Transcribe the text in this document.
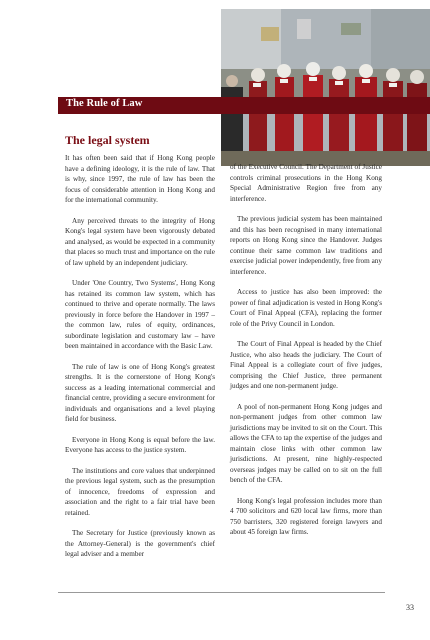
The Rule of Law
The legal system

It has often been said that if Hong Kong people have a defining ideology, it is the rule of law. That is why, since 1997, the rule of law has been the focus of considerable attention in Hong Kong and for the international community.

Any perceived threats to the integrity of Hong Kong's legal system have been vigorously debated and analysed, as would be expected in a community that places so much trust and importance on the rule of law upheld by an independent judiciary.

Under 'One Country, Two Systems', Hong Kong has retained its common law system, which has continued to thrive and operate normally. The laws previously in force before the Handover in 1997 – the common law, rules of equity, ordinances, subordinate legislation and customary law – have been maintained in accordance with the Basic Law.

The rule of law is one of Hong Kong's greatest strengths. It is the cornerstone of Hong Kong's success as a leading international commercial and financial centre, providing a secure environment for individuals and organisations and a level playing field for business.

Everyone in Hong Kong is equal before the law. Everyone has access to the justice system.

The institutions and core values that underpinned the previous legal system, such as the presumption of innocence, freedoms of expression and association and the right to a fair trial have been retained.

The Secretary for Justice (previously known as the Attorney-General) is the government's chief legal adviser and a member

of the Executive Council. The Department of Justice controls criminal prosecutions in the Hong Kong Special Administrative Region free from any interference.

The previous judicial system has been maintained and this has been recognised in many international reports on Hong Kong since the Handover. Judges continue their same common law traditions and exercise judicial power independently, free from any interference.

Access to justice has also been improved: the power of final adjudication is vested in Hong Kong's Court of Final Appeal (CFA), replacing the former role of the Privy Council in London.

The Court of Final Appeal is headed by the Chief Justice, who also heads the judiciary. The Court of Final Appeal is a collegiate court of five judges, comprising the Chief Justice, three permanent judges and one non-permanent judge.

A pool of non-permanent Hong Kong judges and non-permanent judges from other common law jurisdictions may be invited to sit on the Court. This allows the CFA to tap the expertise of the judges and maintain close links with other common law jurisdictions. At present, nine highly-respected overseas judges may be called on to sit on the full bench of the CFA.

Hong Kong's legal profession includes more than 4 700 solicitors and 620 local law firms, more than 750 barristers, 320 registered foreign lawyers and about 45 foreign law firms.

33
